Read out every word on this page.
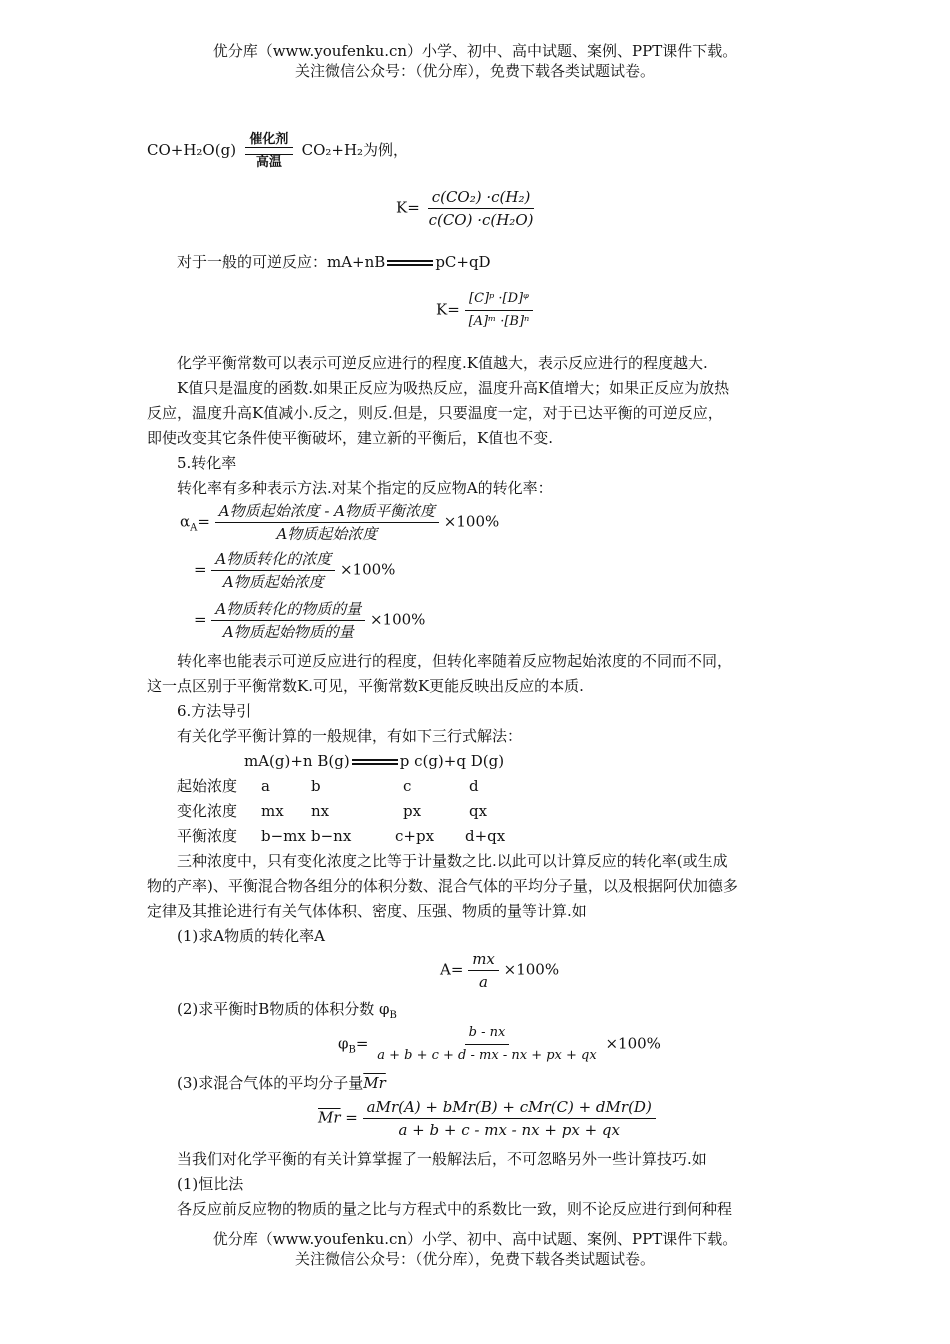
优分库（www.youfenku.cn）小学、初中、高中试题、案例、PPT课件下载。
关注微信公众号：（优分库），免费下载各类试题试卷。
CO+H₂O(g)
催化剂
高温
CO₂+H₂为例，
$K= \frac{\text{c(CO₂) ·c(H₂)}}{\text{c(CO) ·c(H₂O)}}$
对于一般的可逆反应：mA+nB	pC+qD
$K= \frac{\text{[C]ᵖ ·[D]ᵠ}}{\text{[A]ᵐ ·[B]ⁿ}}$
化学平衡常数可以表示可逆反应进行的程度.K值越大，表示反应进行的程度越大.
K值只是温度的函数.如果正反应为吸热反应，温度升高K值增大；如果正反应为放热
反应，温度升高K值减小.反之，则反.但是，只要温度一定，对于已达平衡的可逆反应，
即使改变其它条件使平衡破坏，建立新的平衡后，K值也不变.
5.转化率
转化率有多种表示方法.对某个指定的反应物A的转化率：
$\alpha_A= \frac{\text{A物质起始浓度 - A物质平衡浓度}}{\text{A物质起始浓度}} \times 100\%$
= $\frac{\text{A物质转化的浓度}}{\text{A物质起始浓度}} \times 100\%$
= $\frac{\text{A物质转化的物质的量}}{\text{A物质起始物质的量}} \times 100\%$
转化率也能表示可逆反应进行的程度，但转化率随着反应物起始浓度的不同而不同，
这一点区别于平衡常数K.可见，平衡常数K更能反映出反应的本质.
6.方法导引
有关化学平衡计算的一般规律，有如下三行式解法：
mA(g)+n B(g)	p c(g)+q D(g)
起始浓度 a	b	c	d
变化浓度 mx nx	px	qx
平衡浓度 b−mx b−nx	c+px d+qx
三种浓度中，只有变化浓度之比等于计量数之比.以此可以计算反应的转化率(或生成
物的产率)、平衡混合物各组分的体积分数、混合气体的平均分子量，以及根据阿伏加德多
定律及其推论进行有关气体体积、密度、压强、物质的量等计算.如
(1)求A物质的转化率A
$A= \frac{mx}{a} \times 100\%$
(2)求平衡时B物质的体积分数 $\varphi_B$
$\varphi_B= \frac{b - nx}{a + b + c + d - mx - nx + px + qx} \times 100\%$
(3)求混合气体的平均分子量$\overline{Mr}$
$\overline{Mr} = \frac{\text{aMr(A) + bMr(B) + cMr(C) + dMr(D)}}{a + b + c - mx - nx + px + qx}$
当我们对化学平衡的有关计算掌握了一般解法后，不可忽略另外一些计算技巧.如
(1)恒比法
各反应前反应物的物质的量之比与方程式中的系数比一致，则不论反应进行到何种程
优分库（www.youfenku.cn）小学、初中、高中试题、案例、PPT课件下载。
关注微信公众号：（优分库），免费下载各类试题试卷。
